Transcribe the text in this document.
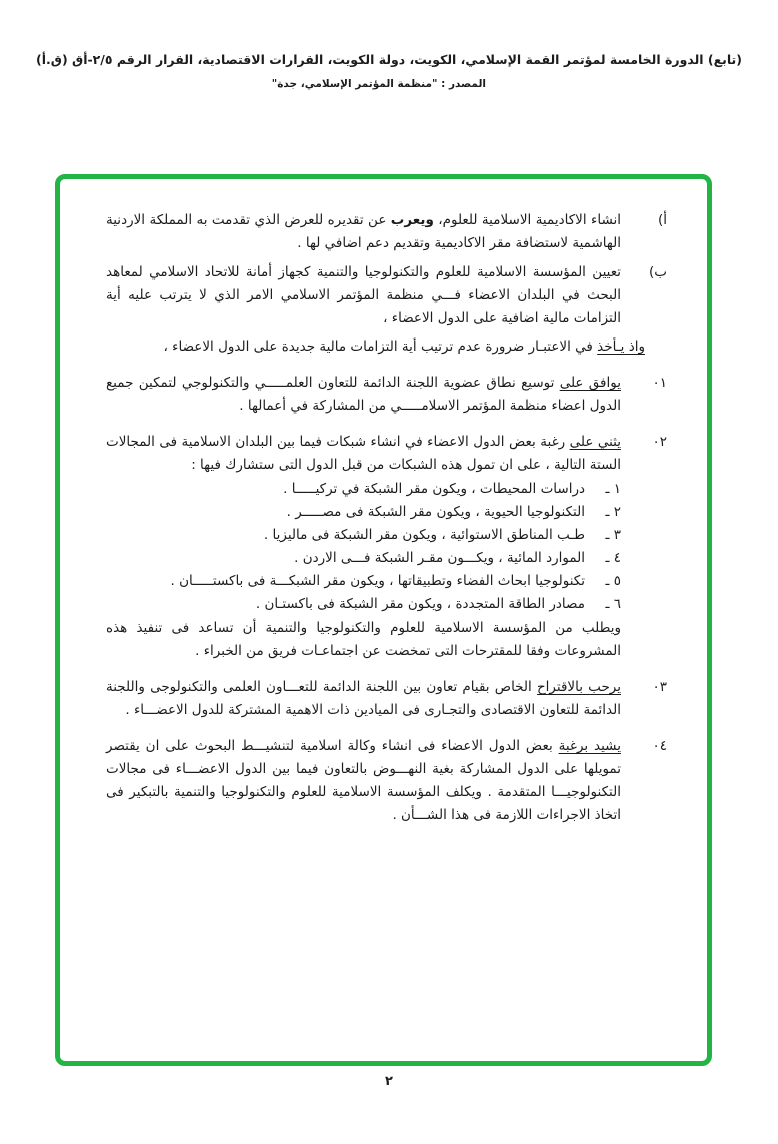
(تابع) الدورة الخامسة لمؤتمر القمة الإسلامي، الكويت، دولة الكويت، القرارات الاقتصادية، القرار الرقم ٢/٥-أق (ق.أ)
المصدر : "منظمة المؤتمر الإسلامي، جدة"
أ)
انشاء الاكاديمية الاسلامية للعلوم، ويعرب عن تقديره للعرض الذي تقدمت به المملكة الاردنية الهاشمية لاستضافة مقر الاكاديمية وتقديم دعم اضافي لها .
ب)
تعيين المؤسسة الاسلامية للعلوم والتكنولوجيا والتنمية كجهاز أمانة للاتحاد الاسلامي لمعاهد البحث في البلدان الاعضاء فـــي منظمة المؤتمر الاسلامي الامر الذي لا يترتب عليه أية التزامات مالية اضافية على الدول الاعضاء ،
واذ يـأخذ في الاعتبـار ضرورة عدم ترتيب أية التزامات مالية جديدة على الدول الاعضاء ،
٠١
يوافق على توسيع نطاق عضوية اللجنة الدائمة للتعاون العلمـــــي والتكنولوجي لتمكين جميع الدول اعضاء منظمة المؤتمر الاسلامـــــي من المشاركة في أعمالها .
٠٢
يثني على رغبة بعض الدول الاعضاء في انشاء شبكات فيما بين البلدان الاسلامية فى المجالات الستة التالية ، على ان تمول هذه الشبكات من قبل الدول التى ستشارك فيها :
١ ـ
دراسات المحيطات ، ويكون مقر الشبكة في تركيـــــا .
٢ ـ
التكنولوجيا الحيوية ، ويكون مقر الشبكة فى مصـــــر .
٣ ـ
طـب المناطق الاستوائية ، ويكون مقر الشبكة فى ماليزيا .
٤ ـ
الموارد المائية ، ويكـــون مقـر الشبكة فـــى الاردن .
٥ ـ
تكنولوجيا ابحاث الفضاء وتطبيقاتها ، ويكون مقر الشبكـــة فى باكستـــــان .
٦ ـ
مصادر الطاقة المتجددة ، ويكون مقر الشبكة فى باكستـان .
ويطلب من المؤسسة الاسلامية للعلوم والتكنولوجيا والتنمية أن تساعد فى تنفيذ هذه المشروعات وفقا للمقترحات التى تمخضت عن اجتماعـات فريق من الخبراء .
٠٣
يرحب بالاقتراح الخاص بقيام تعاون بين اللجنة الدائمة للتعـــاون العلمى والتكنولوجى واللجنة الدائمة للتعاون الاقتصادى والتجـارى فى الميادين ذات الاهمية المشتركة للدول الاعضـــاء .
٠٤
يشيد برغبة بعض الدول الاعضاء فى انشاء وكالة اسلامية لتنشيـــط البحوث على ان يقتصر تمويلها على الدول المشاركة بغية النهـــوض بالتعاون فيما بين الدول الاعضـــاء فى مجالات التكنولوجيـــا المتقدمة . ويكلف المؤسسة الاسلامية للعلوم والتكنولوجيا والتنمية بالتبكير فى اتخاذ الاجراءات اللازمة فى هذا الشـــأن .
٢
